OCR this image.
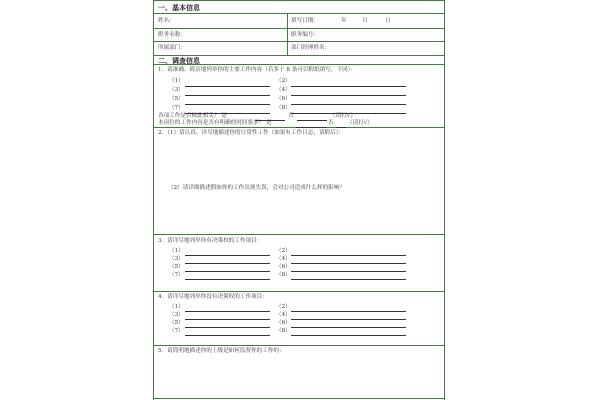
一、基本信息
姓名：	填写日期：	年	月	日
职务名称：	职务编号：
所属部门：	部门经理姓名：
二、调查信息
1．请准确、简洁地列举你的主要工作内容（若多于 8 条可以附纸填写，下同）：
（1）	（2）
（3）	（4）
（5）	（6）
（7）	（8）
各项工作是否彼此相关？ 是	否	（请打√）
本岗位的工作内容是否有明确的时间要求？ 是	否 （请打√）
2．（1）请认真、详尽地描述你的日常性工作（如果有工作日志，请附后）：
（2）请详细描述假如你的工作出现失误，会对公司造成什么样的影响？
3．请详尽地列举你有决策权的工作项目：
（1）	（2）
（3）	（4）
（5）	（6）
（7）	（8）
4．请详尽地列举你没有决策权的工作项目：
（1）	（2）
（3）	（4）
（5）	（6）
（7）	（8）
5．请简明地描述你的上级是如何监督你的工作的：
